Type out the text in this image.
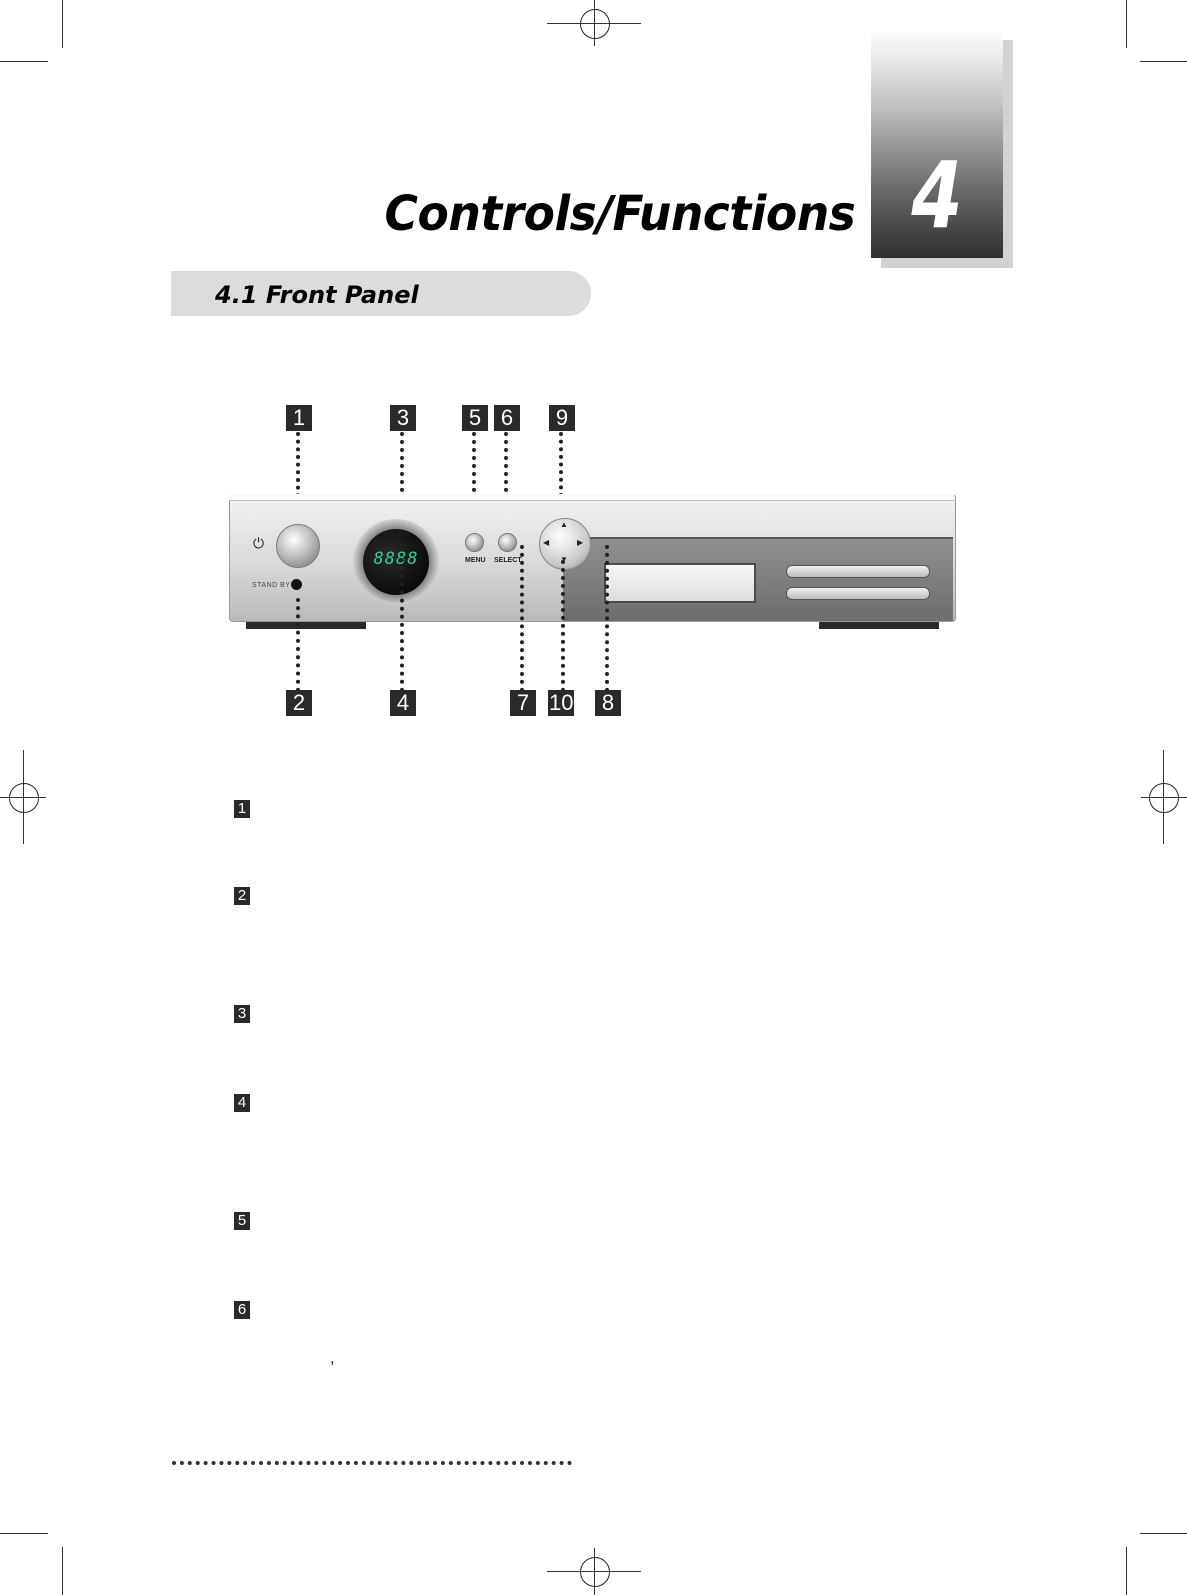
4
Controls/Functions
4.1 Front Panel
1	3	5 6	9
⏻
STAND BY
8888	MENU SELECT
▲
▼
◀	▶
2	4	7 10	8
1
2
3
4
5
6
,
